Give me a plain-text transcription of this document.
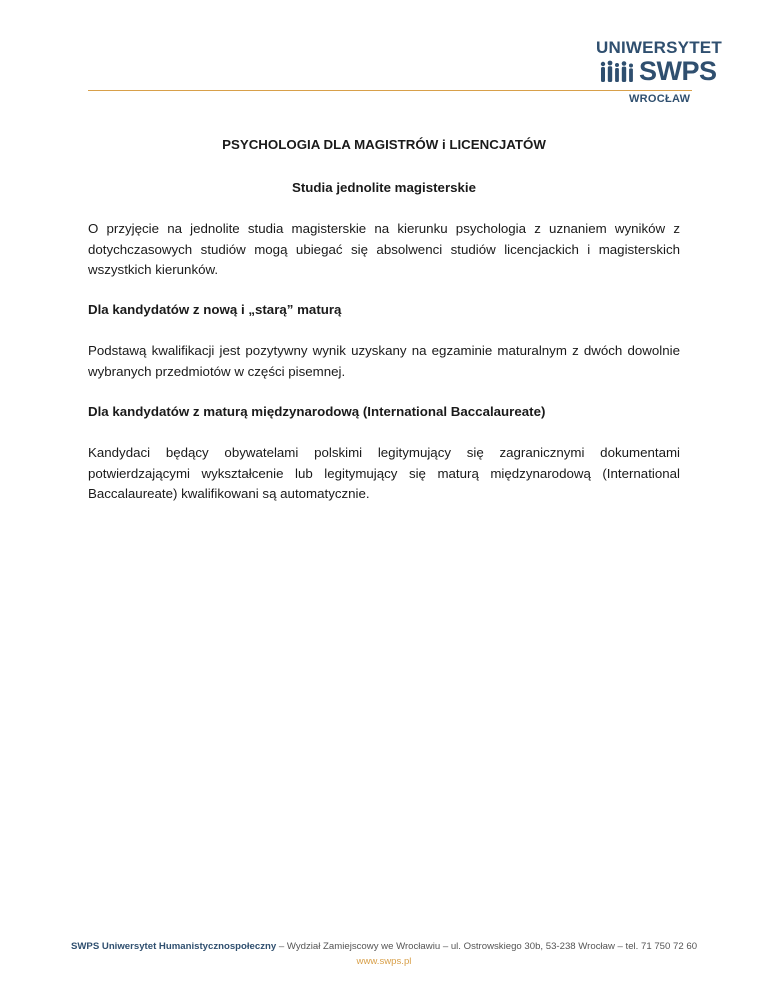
UNIWERSYTET
SWPS
WROCŁAW
PSYCHOLOGIA DLA MAGISTRÓW i LICENCJATÓW
Studia jednolite magisterskie
O przyjęcie na jednolite studia magisterskie na kierunku psychologia z uznaniem wyników z dotychczasowych studiów mogą ubiegać się absolwenci studiów licencjackich i magisterskich wszystkich kierunków.
Dla kandydatów z nową i „starą” maturą
Podstawą kwalifikacji jest pozytywny wynik uzyskany na egzaminie maturalnym z dwóch dowolnie wybranych przedmiotów w części pisemnej.
Dla kandydatów z maturą międzynarodową (International Baccalaureate)
Kandydaci będący obywatelami polskimi legitymujący się zagranicznymi dokumentami potwierdzającymi wykształcenie lub legitymujący się maturą międzynarodową (International Baccalaureate) kwalifikowani są automatycznie.
SWPS Uniwersytet Humanistycznospołeczny – Wydział Zamiejscowy we Wrocławiu – ul. Ostrowskiego 30b, 53-238 Wrocław – tel. 71 750 72 60
www.swps.pl
